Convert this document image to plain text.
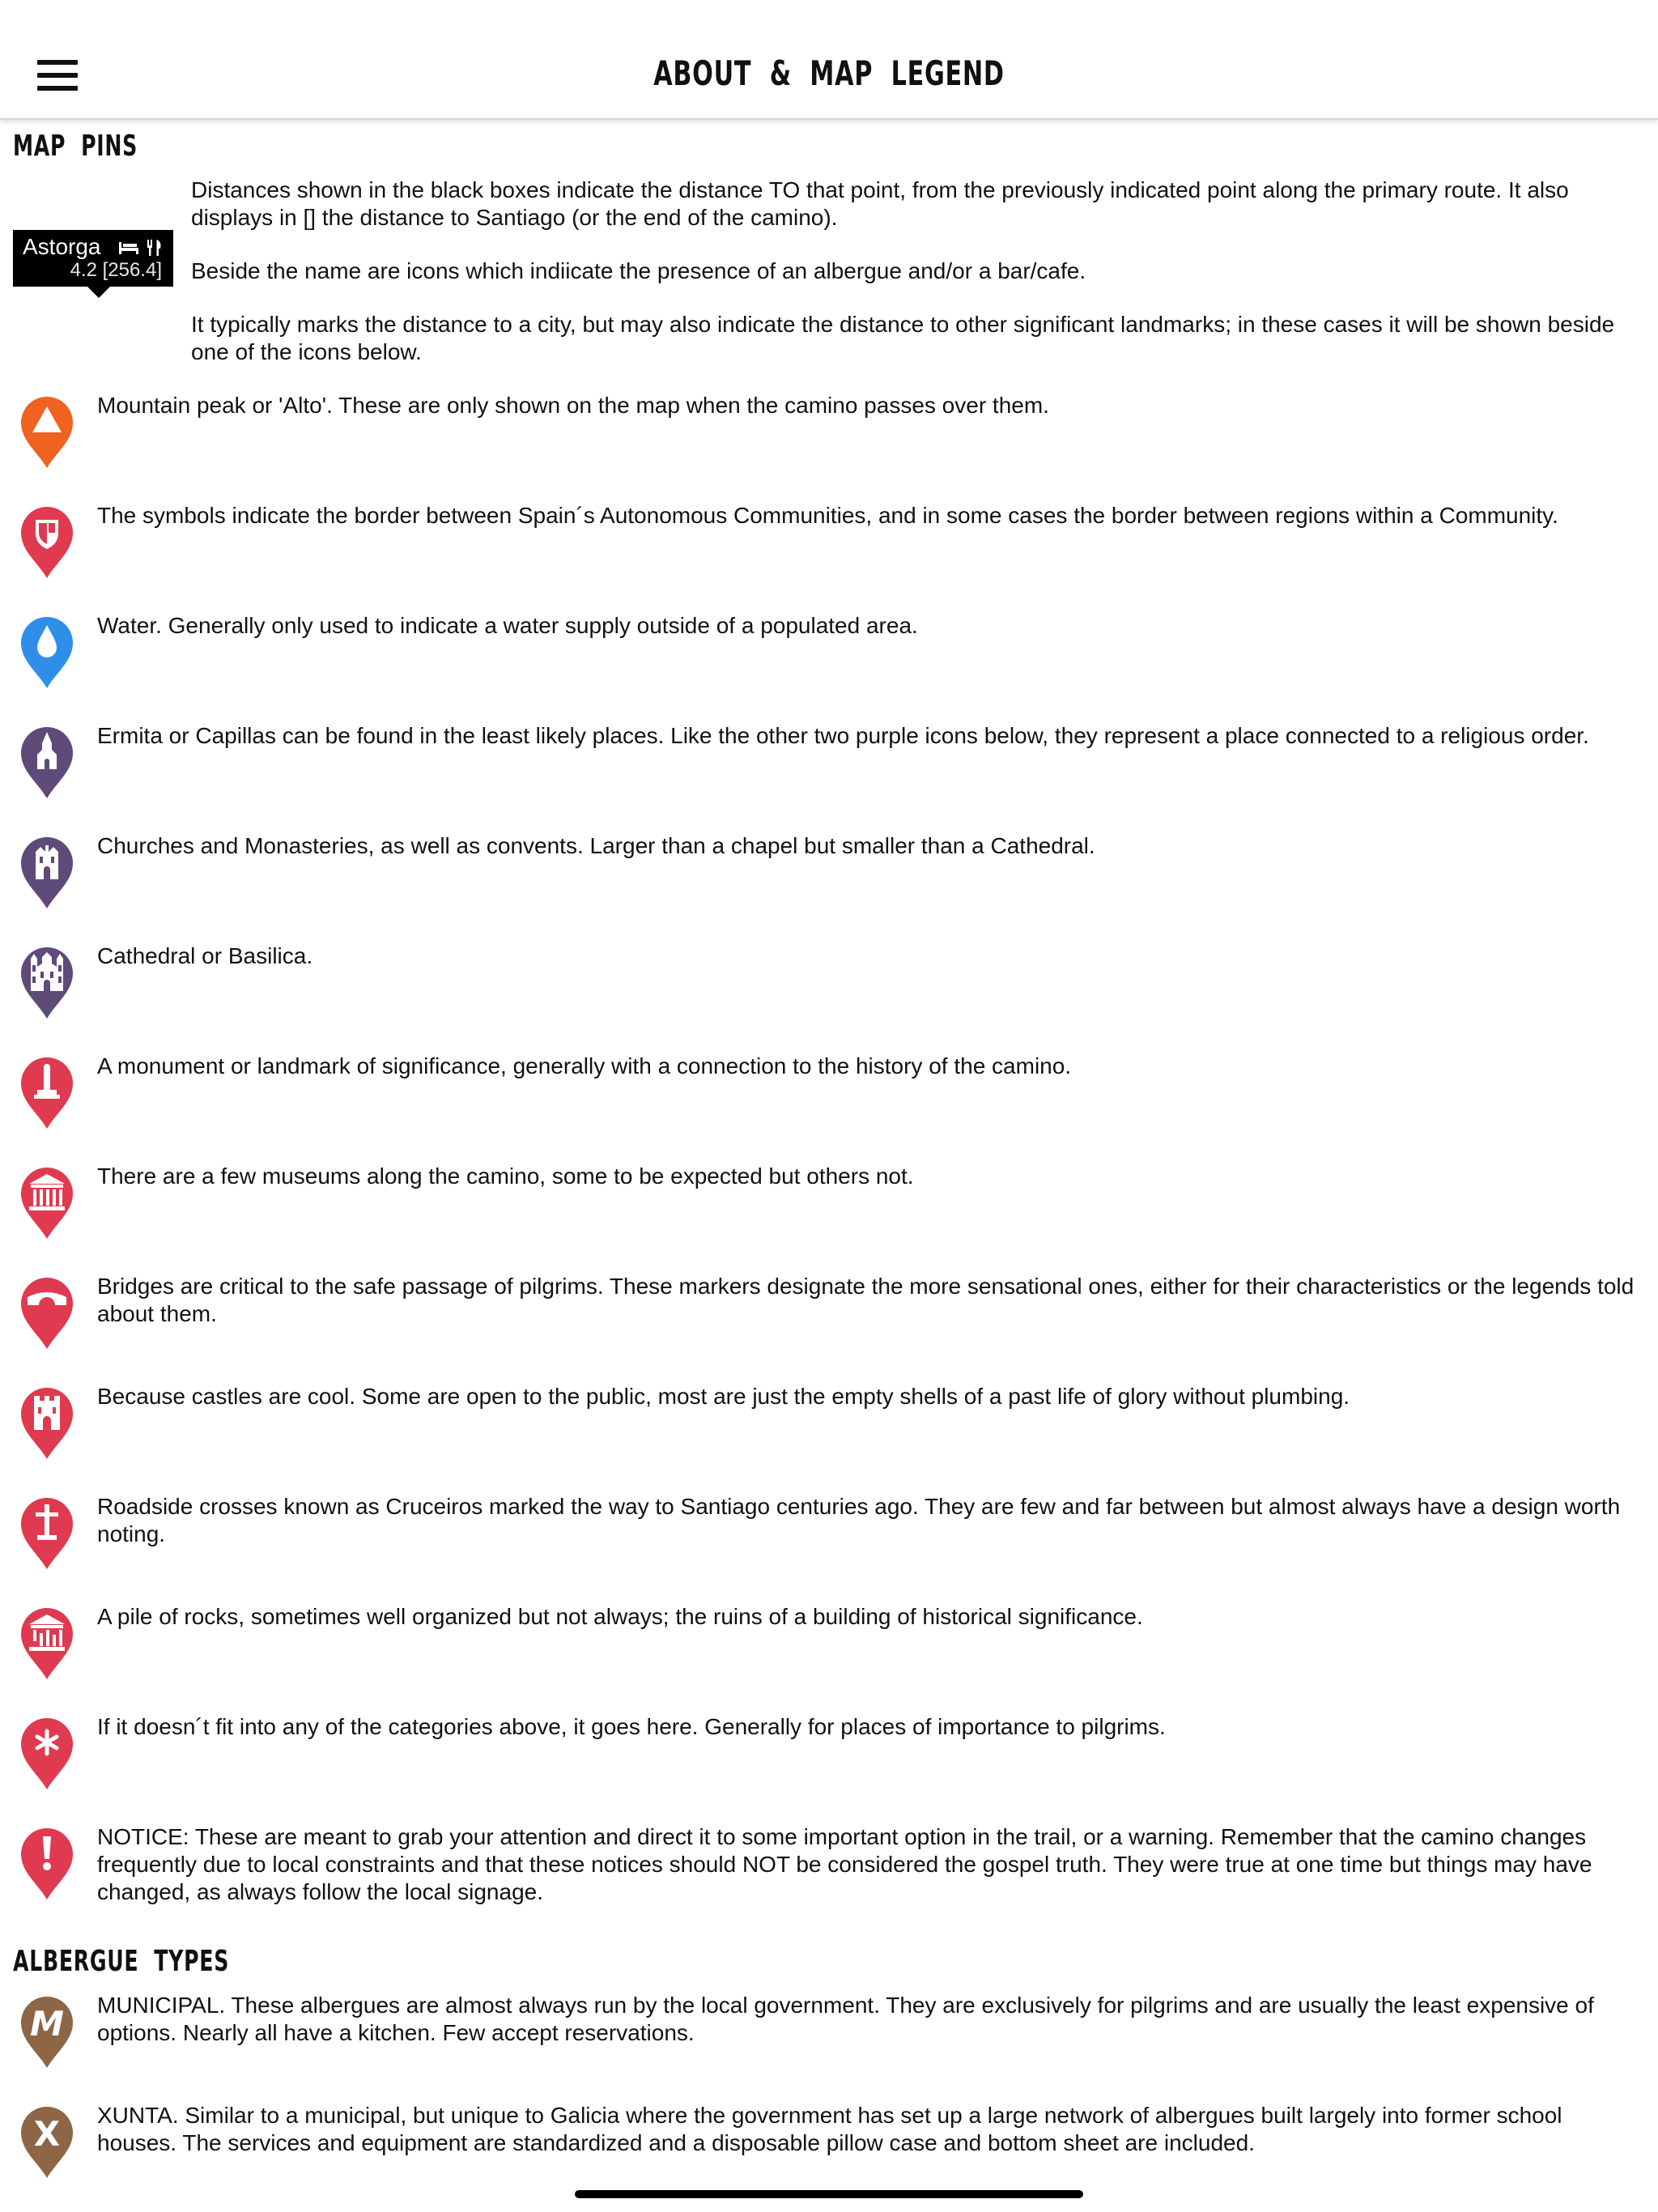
ABOUT  &  MAP  LEGEND
MAP  PINS
Astorga

4.2 [256.4]

Distances shown in the black boxes indicate the distance TO that point, from the previously indicated point along the primary route. It also displays in [] the distance to Santiago (or the end of the camino).

Beside the name are icons which indiicate the presence of an albergue and/or a bar/cafe.

It typically marks the distance to a city, but may also indicate the distance to other significant landmarks; in these cases it will be shown beside one of the icons below.

Mountain peak or 'Alto'. These are only shown on the map when the camino passes over them.
The symbols indicate the border between Spain´s Autonomous Communities, and in some cases the border between regions within a Community.
Water. Generally only used to indicate a water supply outside of a populated area.
Ermita or Capillas can be found in the least likely places. Like the other two purple icons below, they represent a place connected to a religious order.
Churches and Monasteries, as well as convents. Larger than a chapel but smaller than a Cathedral.
Cathedral or Basilica.
A monument or landmark of significance, generally with a connection to the history of the camino.
There are a few museums along the camino, some to be expected but others not.
Bridges are critical to the safe passage of pilgrims. These markers designate the more sensational ones, either for their characteristics or the legends told about them.
Because castles are cool. Some are open to the public, most are just the empty shells of a past life of glory without plumbing.
Roadside crosses known as Cruceiros marked the way to Santiago centuries ago. They are few and far between but almost always have a design worth noting.
A pile of rocks, sometimes well organized but not always; the ruins of a building of historical significance.
If it doesn´t fit into any of the categories above, it goes here. Generally for places of importance to pilgrims.
NOTICE: These are meant to grab your attention and direct it to some important option in the trail, or a warning. Remember that the camino changes frequently due to local constraints and that these notices should NOT be considered the gospel truth. They were true at one time but things may have changed, as always follow the local signage.
ALBERGUE  TYPES
M MUNICIPAL. These albergues are almost always run by the local government. They are exclusively for pilgrims and are usually the least expensive of options. Nearly all have a kitchen. Few accept reservations.
X XUNTA. Similar to a municipal, but unique to Galicia where the government has set up a large network of albergues built largely into former school houses. The services and equipment are standardized and a disposable pillow case and bottom sheet are included.
